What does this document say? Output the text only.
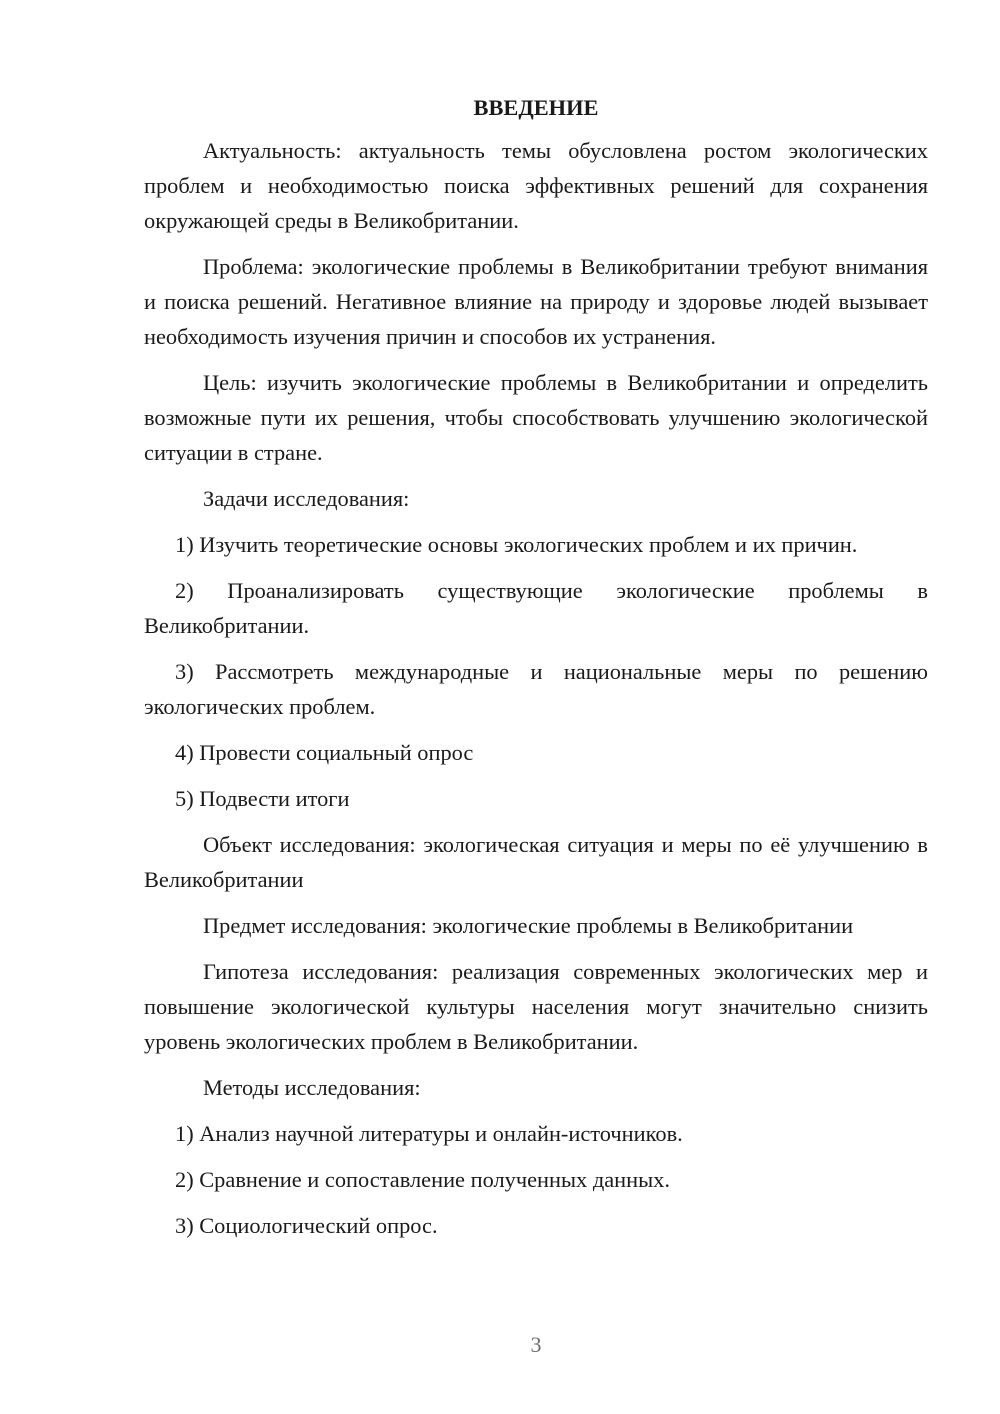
ВВЕДЕНИЕ

Актуальность: актуальность темы обусловлена ростом экологических проблем и необходимостью поиска эффективных решений для сохранения окружающей среды в Великобритании.

Проблема: экологические проблемы в Великобритании требуют внимания и поиска решений. Негативное влияние на природу и здоровье людей вызывает необходимость изучения причин и способов их устранения.

Цель: изучить экологические проблемы в Великобритании и определить возможные пути их решения, чтобы способствовать улучшению экологической ситуации в стране.

Задачи исследования:

1) Изучить теоретические основы экологических проблем и их причин.

2) Проанализировать существующие экологические проблемы в Великобритании.

3) Рассмотреть международные и национальные меры по решению экологических проблем.

4) Провести социальный опрос

5) Подвести итоги

Объект исследования: экологическая ситуация и меры по её улучшению в Великобритании

Предмет исследования: экологические проблемы в Великобритании

Гипотеза исследования: реализация современных экологических мер и повышение экологической культуры населения могут значительно снизить уровень экологических проблем в Великобритании.

Методы исследования:

1) Анализ научной литературы и онлайн-источников.

2) Сравнение и сопоставление полученных данных.

3) Социологический опрос.

3
